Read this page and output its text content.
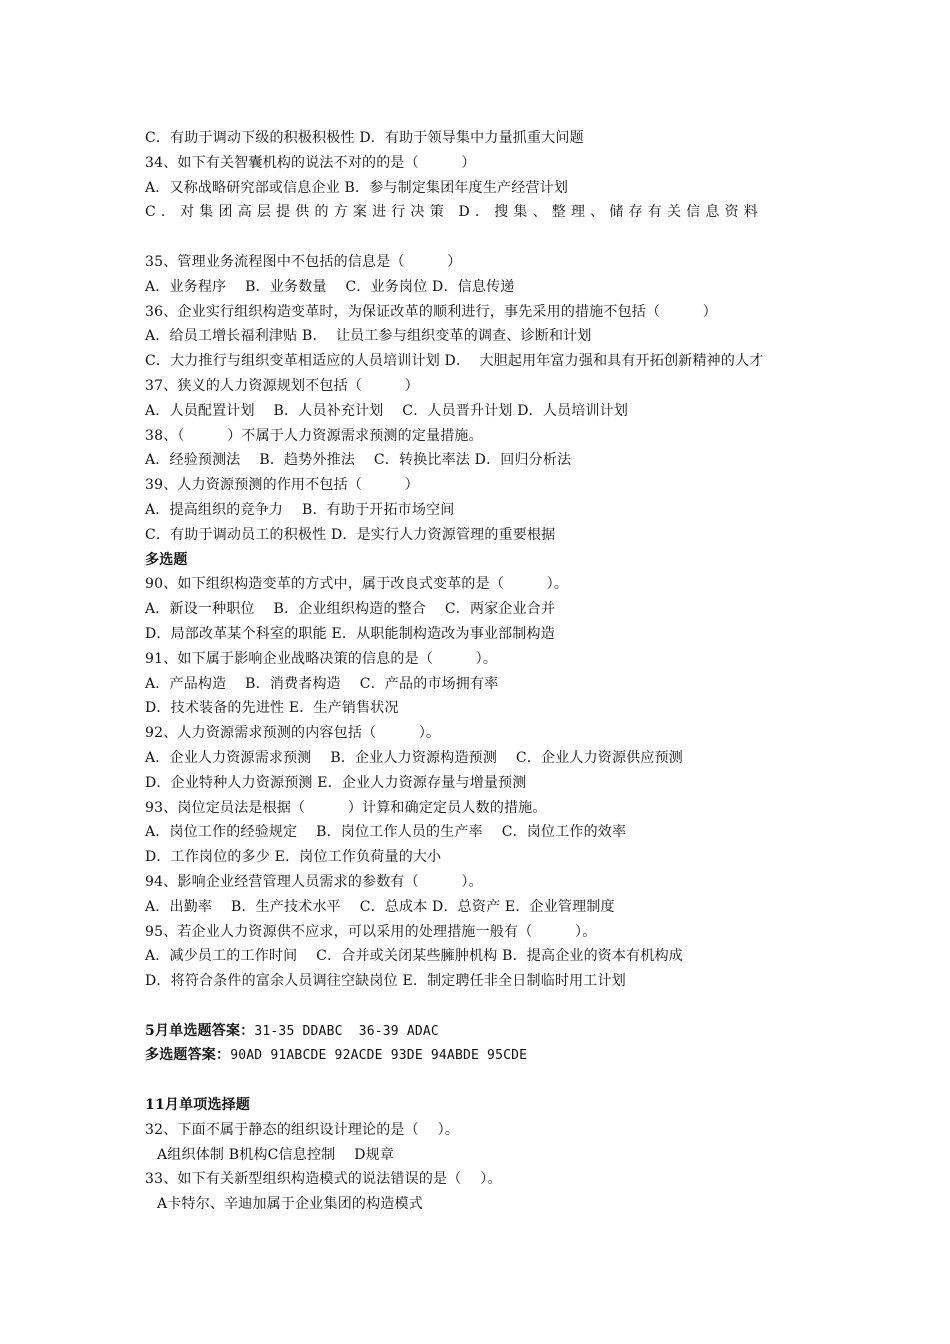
C．有助于调动下级的积极积极性 D．有助于领导集中力量抓重大问题
34、如下有关智囊机构的说法不对的的是（　　　）
A．又称战略研究部或信息企业 B．参与制定集团年度生产经营计划
C．对集团高层提供的方案进行决策 D．搜集、整理、储存有关信息资料
35、管理业务流程图中不包括的信息是（　　　）
A．业务程序　 B．业务数量　 C．业务岗位 D．信息传递
36、企业实行组织构造变革时，为保证改革的顺利进行，事先采用的措施不包括（　　　）
A．给员工增长福利津贴 B．  让员工参与组织变革的调查、诊断和计划
C．大力推行与组织变革相适应的人员培训计划 D．  大胆起用年富力强和具有开拓创新精神的人才
37、狭义的人力资源规划不包括（　　　）
A．人员配置计划　 B．人员补充计划　 C．人员晋升计划 D．人员培训计划
38、（　　　）不属于人力资源需求预测的定量措施。
A．经验预测法　 B．趋势外推法　 C．转换比率法 D．回归分析法
39、人力资源预测的作用不包括（　　　）
A．提高组织的竞争力　 B．有助于开拓市场空间
C．有助于调动员工的积极性 D．是实行人力资源管理的重要根据
多选题
90、如下组织构造变革的方式中，属于改良式变革的是（　　　）。
A．新设一种职位　 B．企业组织构造的整合　 C．两家企业合并
D．局部改革某个科室的职能 E．从职能制构造改为事业部制构造
91、如下属于影响企业战略决策的信息的是（　　　）。
A．产品构造　 B．消费者构造　 C．产品的市场拥有率
D．技术装备的先进性 E．生产销售状况
92、人力资源需求预测的内容包括（　　　）。
A．企业人力资源需求预测　 B．企业人力资源构造预测　 C．企业人力资源供应预测
D．企业特种人力资源预测 E．企业人力资源存量与增量预测
93、岗位定员法是根据（　　　）计算和确定定员人数的措施。
A．岗位工作的经验规定　 B．岗位工作人员的生产率　 C．岗位工作的效率
D．工作岗位的多少 E．岗位工作负荷量的大小
94、影响企业经营管理人员需求的参数有（　　　）。
A．出勤率　 B．生产技术水平　 C．总成本 D．总资产 E．企业管理制度
95、若企业人力资源供不应求，可以采用的处理措施一般有（　　　）。
A．减少员工的工作时间　 C．合并或关闭某些臃肿机构 B．提高企业的资本有机构成
D．将符合条件的富余人员调往空缺岗位 E．制定聘任非全日制临时用工计划
5月单选题答案：31-35 DDABC  36-39 ADAC
多选题答案：90AD 91ABCDE 92ACDE 93DE 94ABDE 95CDE
11月单项选择题
32、下面不属于静态的组织设计理论的是（　 ）。
A组织体制 B机构C信息控制　 D规章
33、如下有关新型组织构造模式的说法错误的是（　 ）。
A卡特尔、辛迪加属于企业集团的构造模式
